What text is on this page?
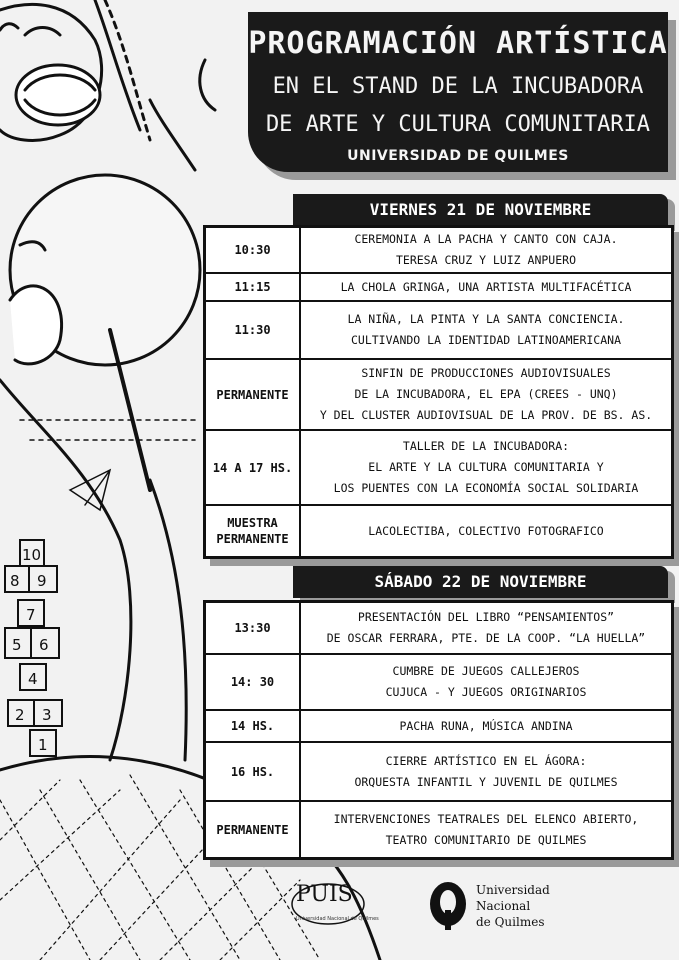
10
8 9
7
5 6
4
2 3
1
PROGRAMACIÓN ARTÍSTICA
EN EL STAND DE LA INCUBADORA
DE ARTE Y CULTURA COMUNITARIA
UNIVERSIDAD DE QUILMES
VIERNES 21 DE NOVIEMBRE
10:30
CEREMONIA A LA PACHA Y CANTO CON CAJA.
TERESA CRUZ Y LUIZ ANPUERO
11:15	LA CHOLA GRINGA, UNA ARTISTA MULTIFACÉTICA
11:30
LA NIÑA, LA PINTA Y LA SANTA CONCIENCIA.
CULTIVANDO LA IDENTIDAD LATINOAMERICANA
PERMANENTE
SINFIN DE PRODUCCIONES AUDIOVISUALES
DE LA INCUBADORA, EL EPA (CREES - UNQ)
Y DEL CLUSTER AUDIOVISUAL DE LA PROV. DE BS. AS.
14 A 17 HS.
TALLER DE LA INCUBADORA:
EL ARTE Y LA CULTURA COMUNITARIA Y
LOS PUENTES CON LA ECONOMÍA SOCIAL SOLIDARIA
MUESTRA PERMANENTE
LACOLECTIBA, COLECTIVO FOTOGRAFICO
SÁBADO 22 DE NOVIEMBRE
13:30
PRESENTACIÓN DEL LIBRO “PENSAMIENTOS”
DE OSCAR FERRARA, PTE. DE LA COOP. “LA HUELLA”
14: 30
CUMBRE DE JUEGOS CALLEJEROS
CUJUCA - Y JUEGOS ORIGINARIOS
14 HS.	PACHA RUNA, MÚSICA ANDINA
16 HS.
CIERRE ARTÍSTICO EN EL ÁGORA:
ORQUESTA INFANTIL Y JUVENIL DE QUILMES
PERMANENTE
INTERVENCIONES TEATRALES DEL ELENCO ABIERTO,
TEATRO COMUNITARIO DE QUILMES
PUIS
Universidad Nacional de Quilmes
Universidad
Nacional
de Quilmes
